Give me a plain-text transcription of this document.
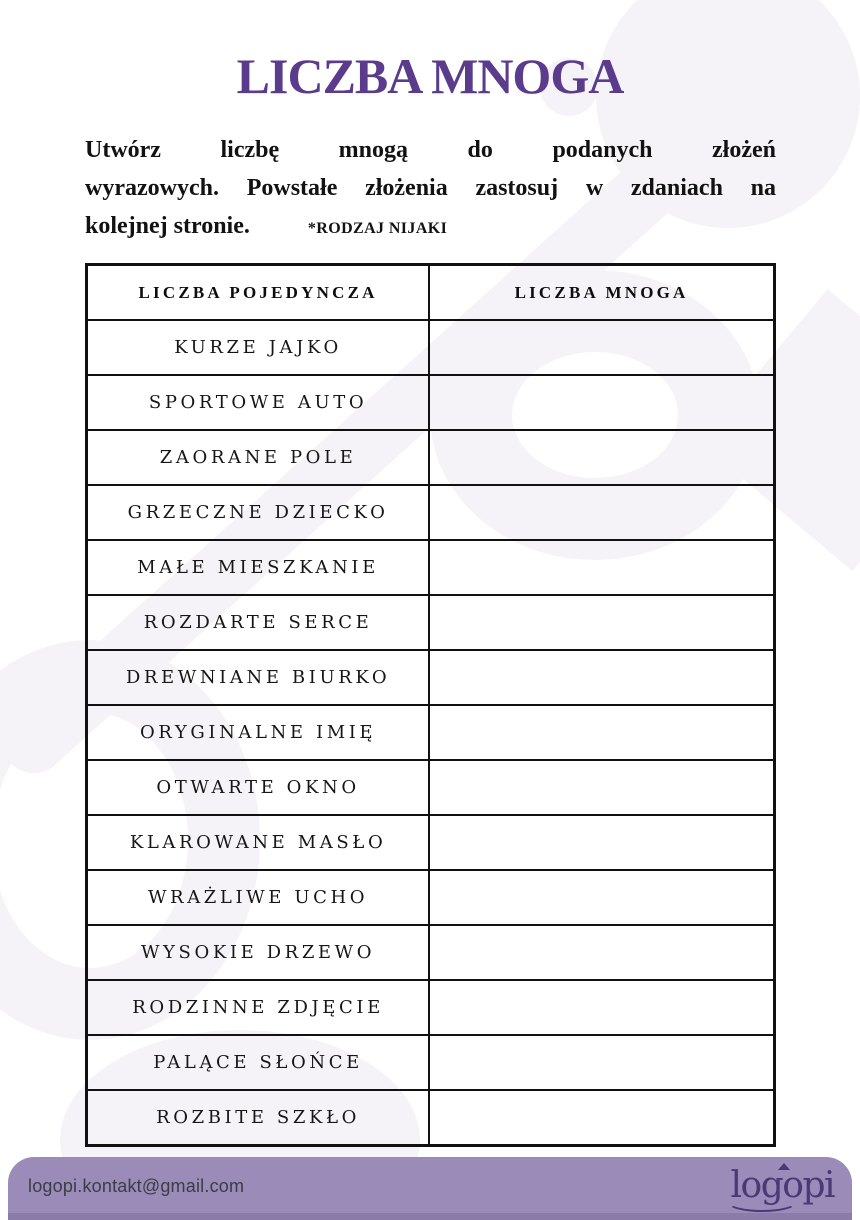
LICZBA MNOGA
Utwórz liczbę mnogą do podanych złożeń
wyrazowych. Powstałe złożenia zastosuj w zdaniach na
kolejnej stronie.	*RODZAJ NIJAKI
LICZBA POJEDYNCZA	LICZBA MNOGA
KURZE JAJKO	
SPORTOWE AUTO	
ZAORANE POLE	
GRZECZNE DZIECKO	
MAŁE MIESZKANIE	
ROZDARTE SERCE	
DREWNIANE BIURKO	
ORYGINALNE IMIĘ	
OTWARTE OKNO	
KLAROWANE MASŁO	
WRAŻLIWE UCHO	
WYSOKIE DRZEWO	
RODZINNE ZDJĘCIE	
PALĄCE SŁOŃCE	
ROZBITE SZKŁO	
logopi.kontakt@gmail.com	logopi
